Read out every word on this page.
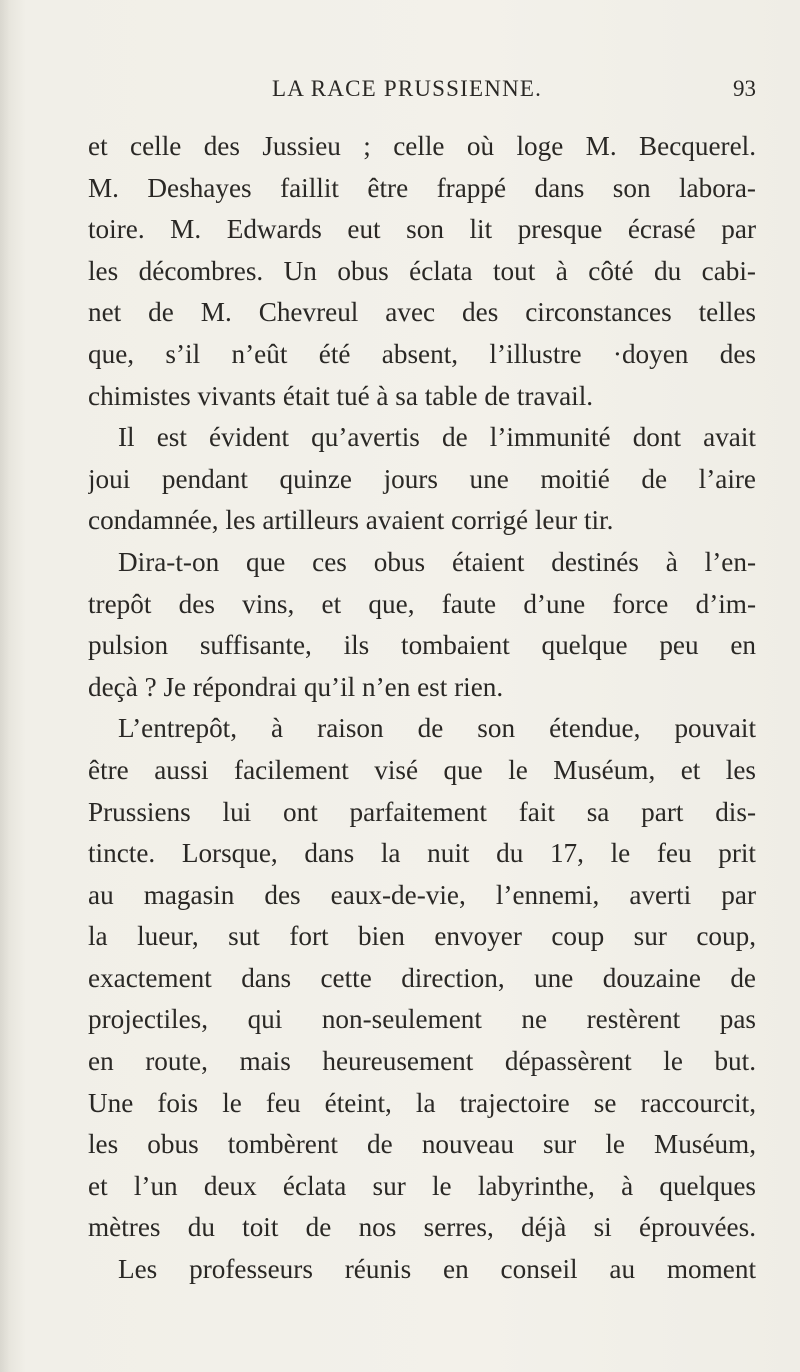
LA RACE PRUSSIENNE.	93
et celle des Jussieu ; celle où loge M. Becquerel.
M. Deshayes faillit être frappé dans son labora-
toire. M. Edwards eut son lit presque écrasé par
les décombres. Un obus éclata tout à côté du cabi-
net de M. Chevreul avec des circonstances telles
que, s’il n’eût été absent, l’illustre ·doyen des
chimistes vivants était tué à sa table de travail.
Il est évident qu’avertis de l’immunité dont avait
joui pendant quinze jours une moitié de l’aire
condamnée, les artilleurs avaient corrigé leur tir.
Dira-t-on que ces obus étaient destinés à l’en-
trepôt des vins, et que, faute d’une force d’im-
pulsion suffisante, ils tombaient quelque peu en
deçà ? Je répondrai qu’il n’en est rien.
L’entrepôt, à raison de son étendue, pouvait
être aussi facilement visé que le Muséum, et les
Prussiens lui ont parfaitement fait sa part dis-
tincte. Lorsque, dans la nuit du 17, le feu prit
au magasin des eaux-de-vie, l’ennemi, averti par
la lueur, sut fort bien envoyer coup sur coup,
exactement dans cette direction, une douzaine de
projectiles, qui non-seulement ne restèrent pas
en route, mais heureusement dépassèrent le but.
Une fois le feu éteint, la trajectoire se raccourcit,
les obus tombèrent de nouveau sur le Muséum,
et l’un deux éclata sur le labyrinthe, à quelques
mètres du toit de nos serres, déjà si éprouvées.
Les professeurs réunis en conseil au moment
